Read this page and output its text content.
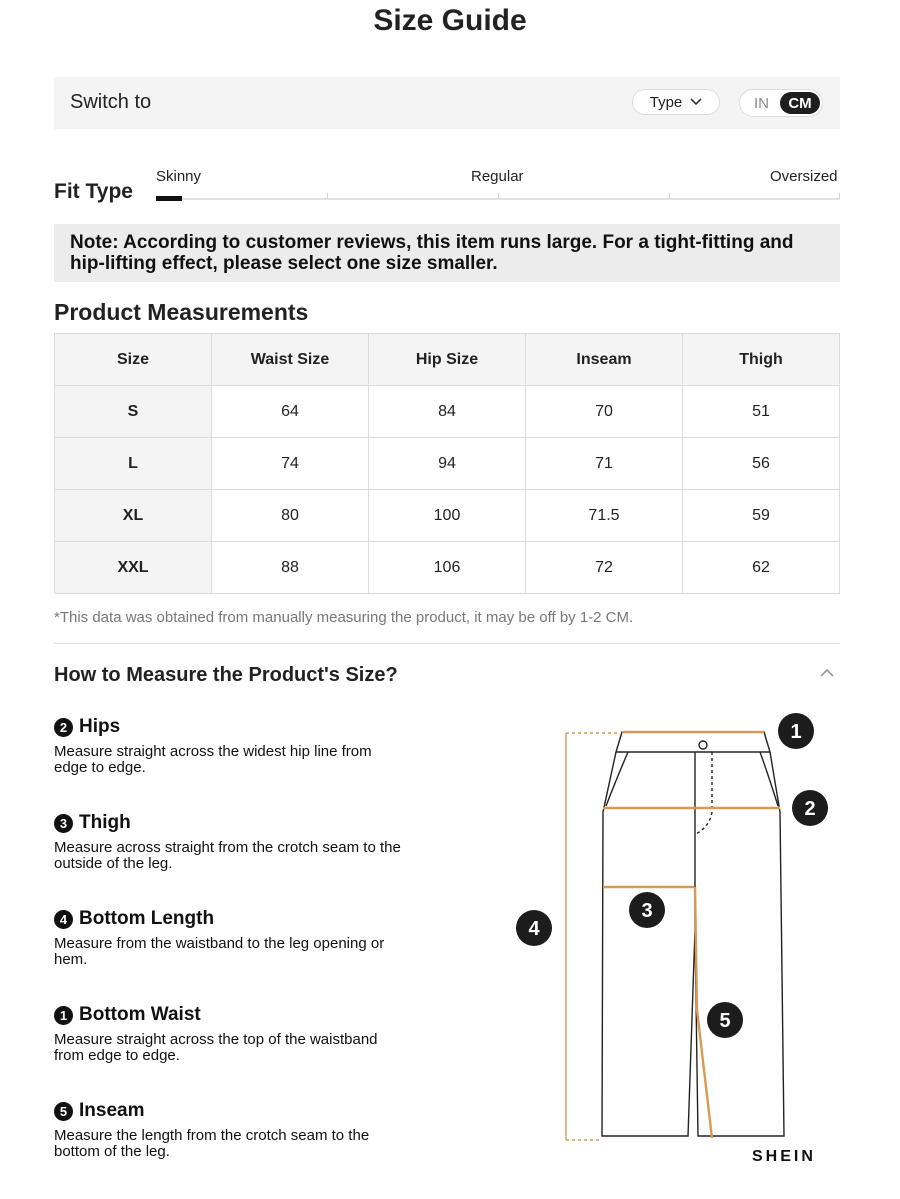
Size Guide
Switch to	Type	IN	CM
Fit Type
Skinny	Regular	Oversized
Note: According to customer reviews, this item runs large. For a tight-fitting and hip-lifting effect, please select one size smaller.
Product Measurements
Size	Waist Size	Hip Size	Inseam	Thigh
S	64	84	70	51
L	74	94	71	56
XL	80	100	71.5	59
XXL	88	106	72	62
*This data was obtained from manually measuring the product, it may be off by 1-2 CM.
How to Measure the Product's Size?
2 Hips
Measure straight across the widest hip line from edge to edge.
3 Thigh
Measure across straight from the crotch seam to the outside of the leg.
4 Bottom Length
Measure from the waistband to the leg opening or hem.
1 Bottom Waist
Measure straight across the top of the waistband from edge to edge.
5 Inseam
Measure the length from the crotch seam to the bottom of the leg.
1
2
3
4
5
SHEIN
